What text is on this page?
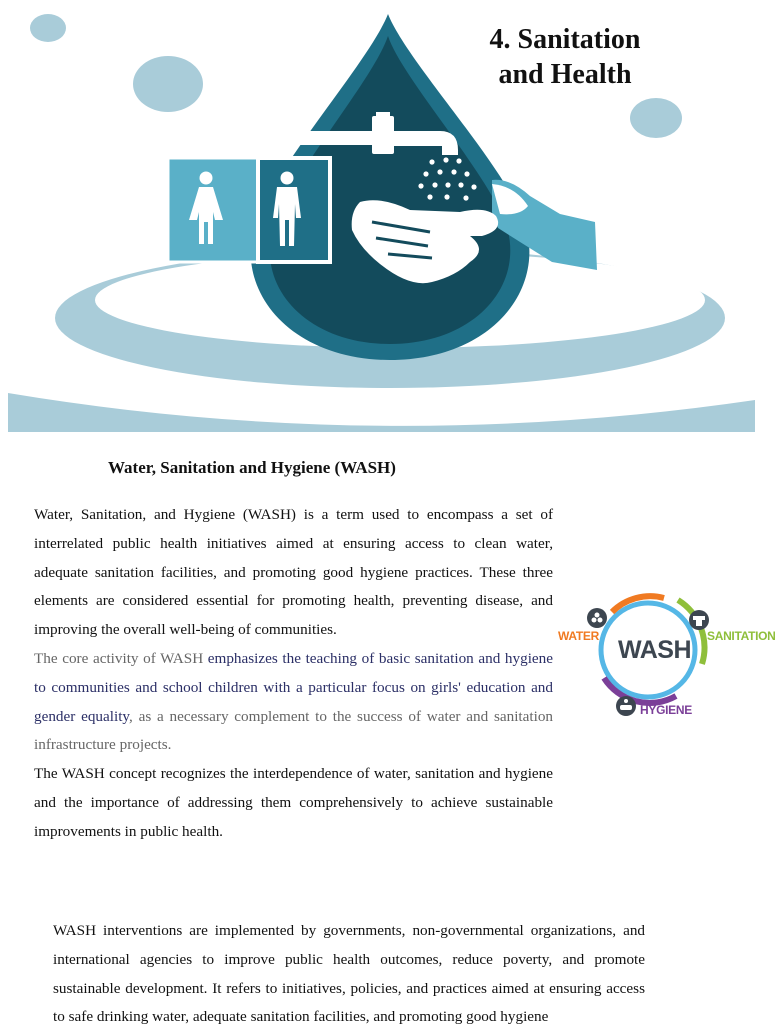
4. Sanitation and Health
Water, Sanitation and Hygiene (WASH)

Water, Sanitation, and Hygiene (WASH) is a term used to encompass a set of interrelated public health initiatives aimed at ensuring access to clean water, adequate sanitation facilities, and promoting good hygiene practices. These three elements are considered essential for promoting health, preventing disease, and improving the overall well-being of communities.

The core activity of WASH emphasizes the teaching of basic sanitation and hygiene to communities and school children with a particular focus on girls' education and gender equality, as a necessary complement to the success of water and sanitation infrastructure projects.

The WASH concept recognizes the interdependence of water, sanitation and hygiene and the importance of addressing them comprehensively to achieve sustainable improvements in public health.

WATER	SANITATION
HYGIENE
WASH

WASH interventions are implemented by governments, non-governmental organizations, and international agencies to improve public health outcomes, reduce poverty, and promote sustainable development. It refers to initiatives, policies, and practices aimed at ensuring access to safe drinking water, adequate sanitation facilities, and promoting good hygiene
